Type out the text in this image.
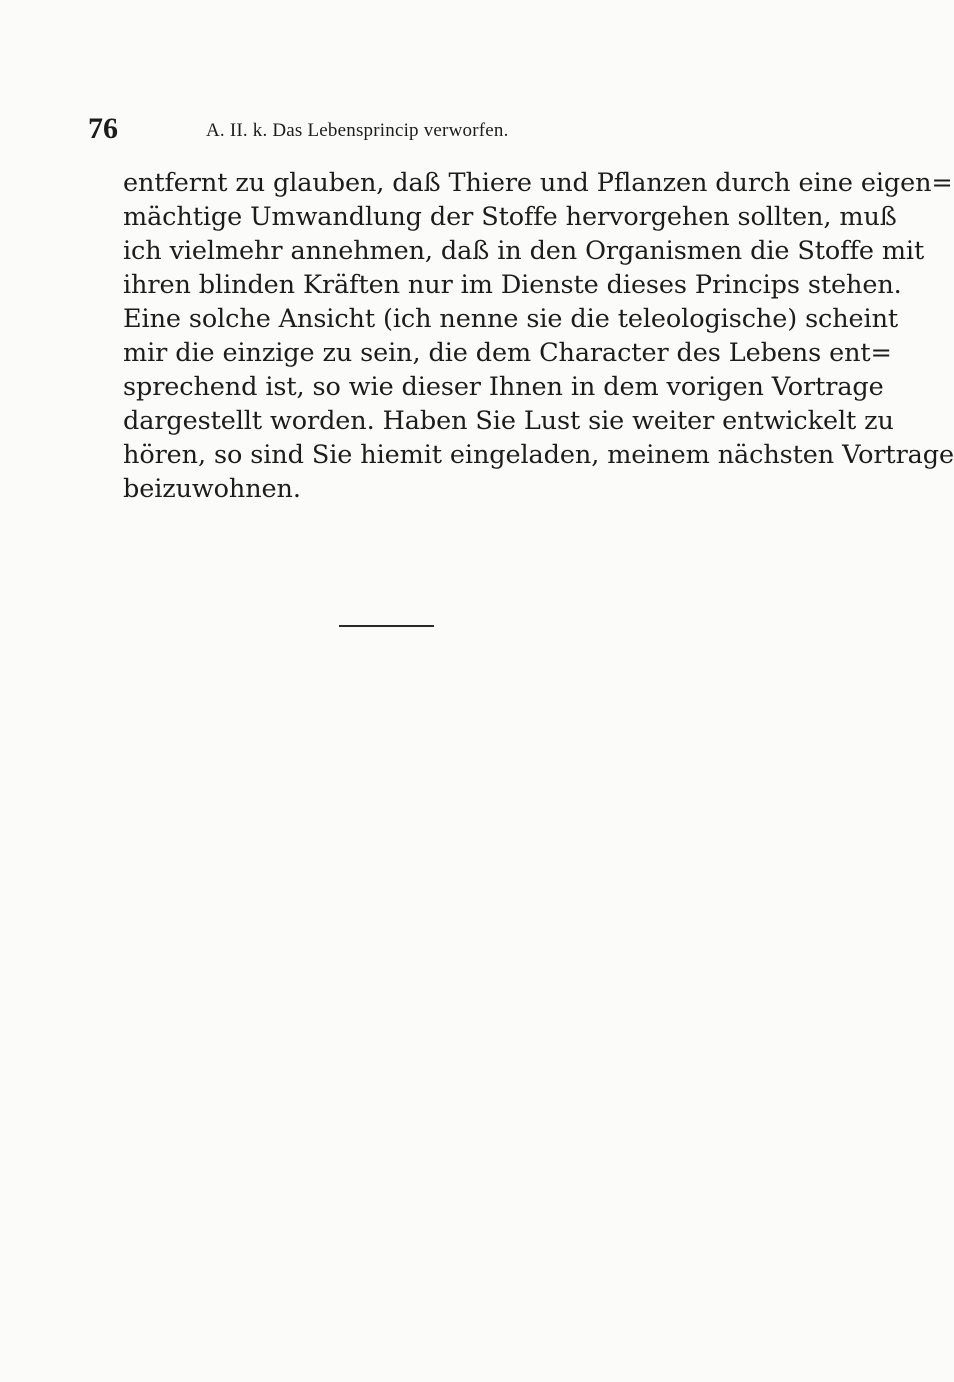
76	A. II. k. Das Lebensprincip verworfen.
entfernt zu glauben, daß Thiere und Pflanzen durch eine eigen=
mächtige Umwandlung der Stoffe hervorgehen sollten, muß
ich vielmehr annehmen, daß in den Organismen die Stoffe mit
ihren blinden Kräften nur im Dienste dieses Princips stehen.
Eine solche Ansicht (ich nenne sie die teleologische) scheint
mir die einzige zu sein, die dem Character des Lebens ent=
sprechend ist, so wie dieser Ihnen in dem vorigen Vortrage
dargestellt worden. Haben Sie Lust sie weiter entwickelt zu
hören, so sind Sie hiemit eingeladen, meinem nächsten Vortrage
beizuwohnen.
